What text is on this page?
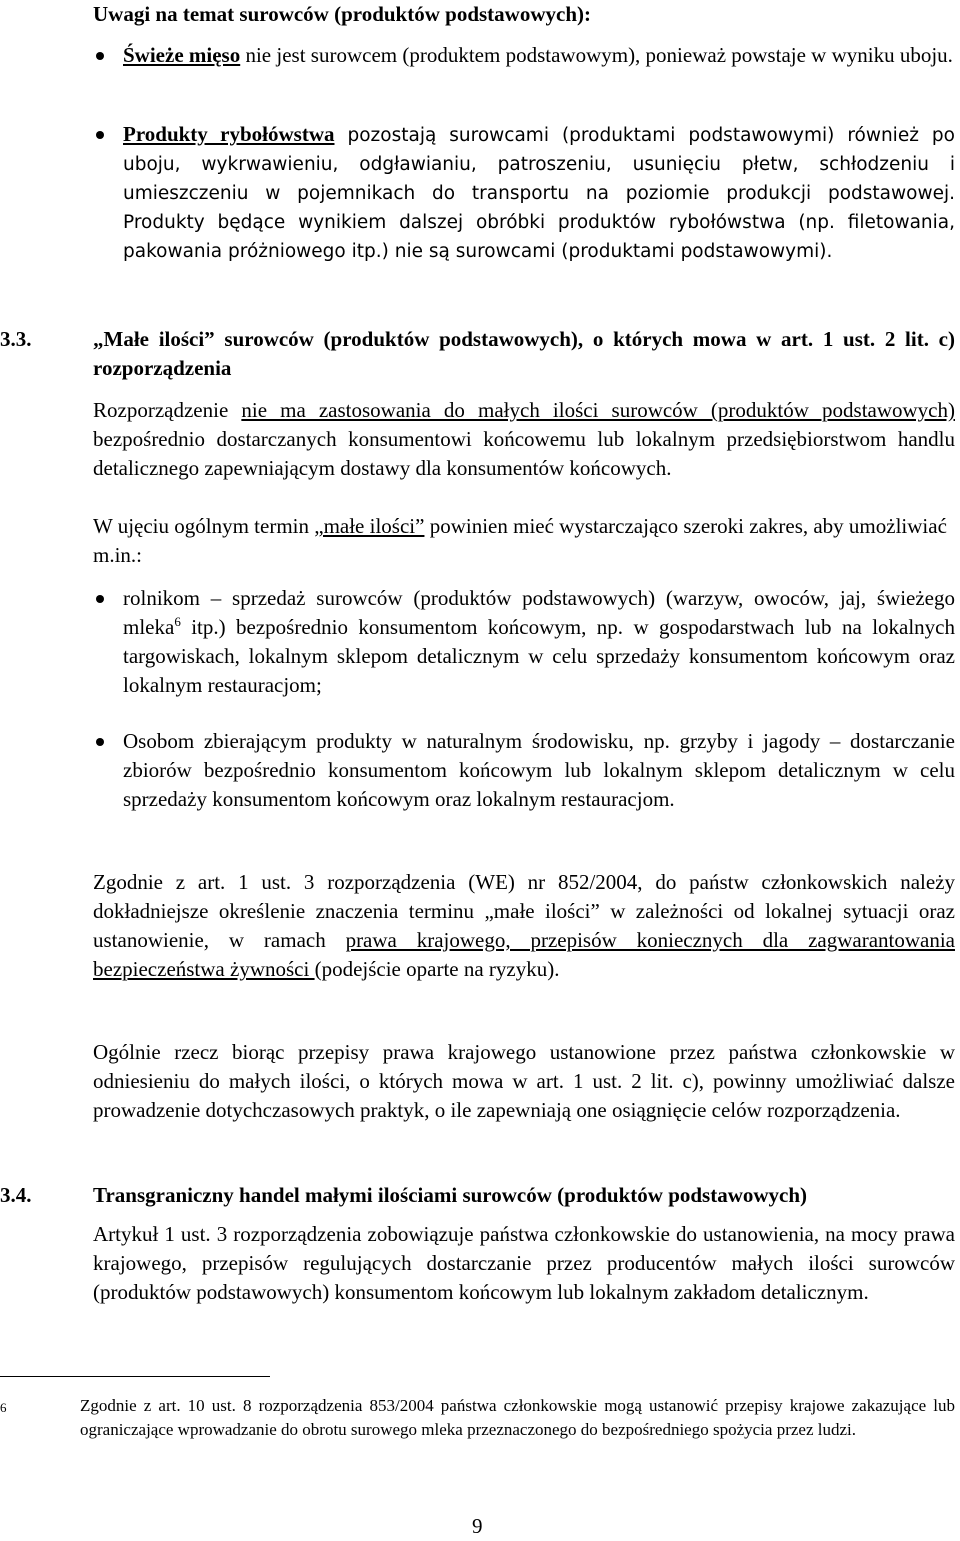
Uwagi na temat surowców (produktów podstawowych):

Świeże mięso nie jest surowcem (produktem podstawowym), ponieważ powstaje w wyniku uboju.

Produkty rybołówstwa pozostają surowcami (produktami podstawowymi) również po uboju, wykrwawieniu, odgławianiu, patroszeniu, usunięciu płetw, schłodzeniu i umieszczeniu w pojemnikach do transportu na poziomie produkcji podstawowej. Produkty będące wynikiem dalszej obróbki produktów rybołówstwa (np. filetowania, pakowania próżniowego itp.) nie są surowcami (produktami podstawowymi).

3.3.	„Małe ilości” surowców (produktów podstawowych), o których mowa w art. 1 ust. 2 lit. c) rozporządzenia

Rozporządzenie nie ma zastosowania do małych ilości surowców (produktów podstawowych) bezpośrednio dostarczanych konsumentowi końcowemu lub lokalnym przedsiębiorstwom handlu detalicznego zapewniającym dostawy dla konsumentów końcowych.

W ujęciu ogólnym termin „małe ilości” powinien mieć wystarczająco szeroki zakres, aby umożliwiać m.in.:

rolnikom – sprzedaż surowców (produktów podstawowych) (warzyw, owoców, jaj, świeżego mleka$^6$ itp.) bezpośrednio konsumentom końcowym, np. w gospodarstwach lub na lokalnych targowiskach, lokalnym sklepom detalicznym w celu sprzedaży konsumentom końcowym oraz lokalnym restauracjom;

Osobom zbierającym produkty w naturalnym środowisku, np. grzyby i jagody – dostarczanie zbiorów bezpośrednio konsumentom końcowym lub lokalnym sklepom detalicznym w celu sprzedaży konsumentom końcowym oraz lokalnym restauracjom.

Zgodnie z art. 1 ust. 3 rozporządzenia (WE) nr 852/2004, do państw członkowskich należy dokładniejsze określenie znaczenia terminu „małe ilości” w zależności od lokalnej sytuacji oraz ustanowienie, w ramach prawa krajowego, przepisów koniecznych dla zagwarantowania bezpieczeństwa żywności (podejście oparte na ryzyku).

Ogólnie rzecz biorąc przepisy prawa krajowego ustanowione przez państwa członkowskie w odniesieniu do małych ilości, o których mowa w art. 1 ust. 2 lit. c), powinny umożliwiać dalsze prowadzenie dotychczasowych praktyk, o ile zapewniają one osiągnięcie celów rozporządzenia.

3.4.	Transgraniczny handel małymi ilościami surowców (produktów podstawowych)

Artykuł 1 ust. 3 rozporządzenia zobowiązuje państwa członkowskie do ustanowienia, na mocy prawa krajowego, przepisów regulujących dostarczanie przez producentów małych ilości surowców (produktów podstawowych) konsumentom końcowym lub lokalnym zakładom detalicznym.

6	Zgodnie z art. 10 ust. 8 rozporządzenia 853/2004 państwa członkowskie mogą ustanowić przepisy krajowe zakazujące lub ograniczające wprowadzanie do obrotu surowego mleka przeznaczonego do bezpośredniego spożycia przez ludzi.

9
